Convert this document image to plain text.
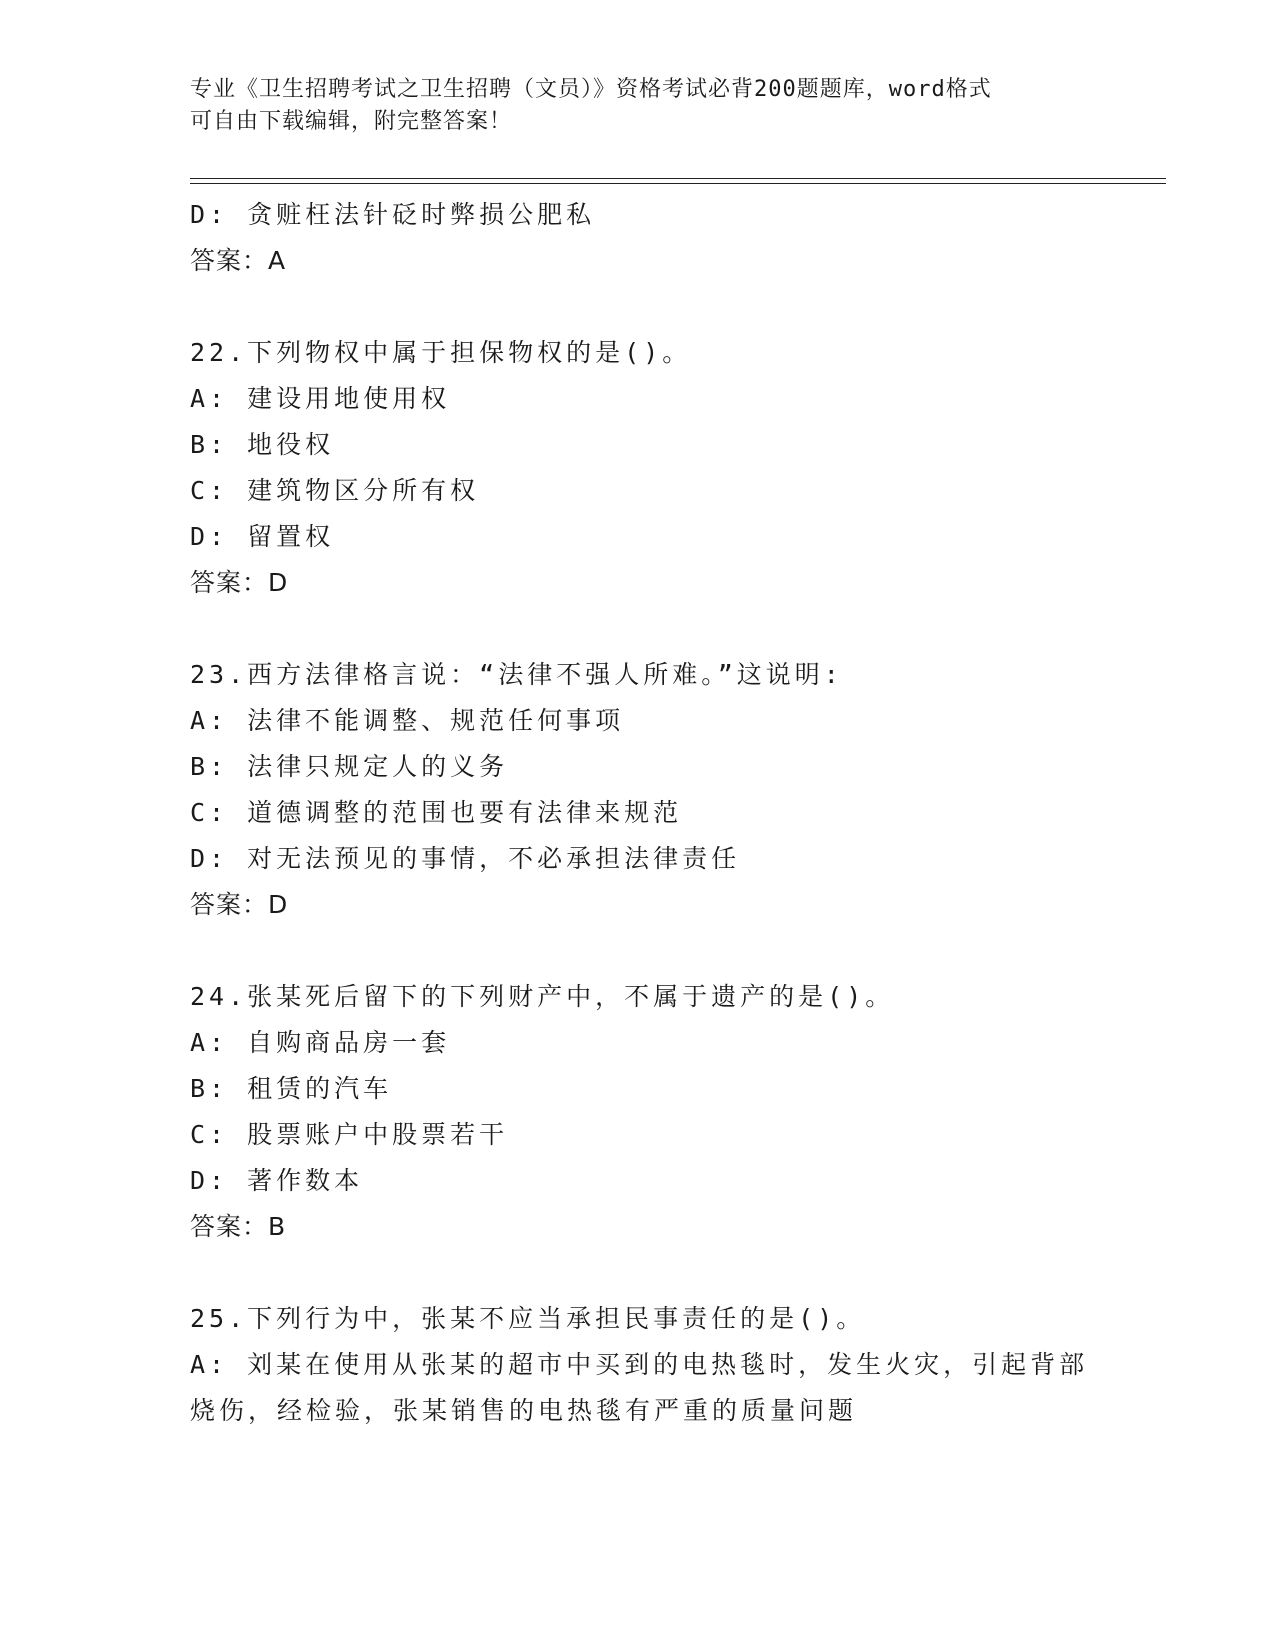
专业《卫生招聘考试之卫生招聘（文员）》资格考试必背200题题库，word格式
可自由下载编辑，附完整答案！
D: 贪赃枉法针砭时弊损公肥私
答案：A
22.下列物权中属于担保物权的是()。
A: 建设用地使用权
B: 地役权
C: 建筑物区分所有权
D: 留置权
答案：D
23.西方法律格言说：“法律不强人所难。”这说明:
A: 法律不能调整、规范任何事项
B: 法律只规定人的义务
C: 道德调整的范围也要有法律来规范
D: 对无法预见的事情，不必承担法律责任
答案：D
24.张某死后留下的下列财产中，不属于遗产的是()。
A: 自购商品房一套
B: 租赁的汽车
C: 股票账户中股票若干
D: 著作数本
答案：B
25.下列行为中，张某不应当承担民事责任的是()。
A: 刘某在使用从张某的超市中买到的电热毯时，发生火灾，引起背部
烧伤，经检验，张某销售的电热毯有严重的质量问题
